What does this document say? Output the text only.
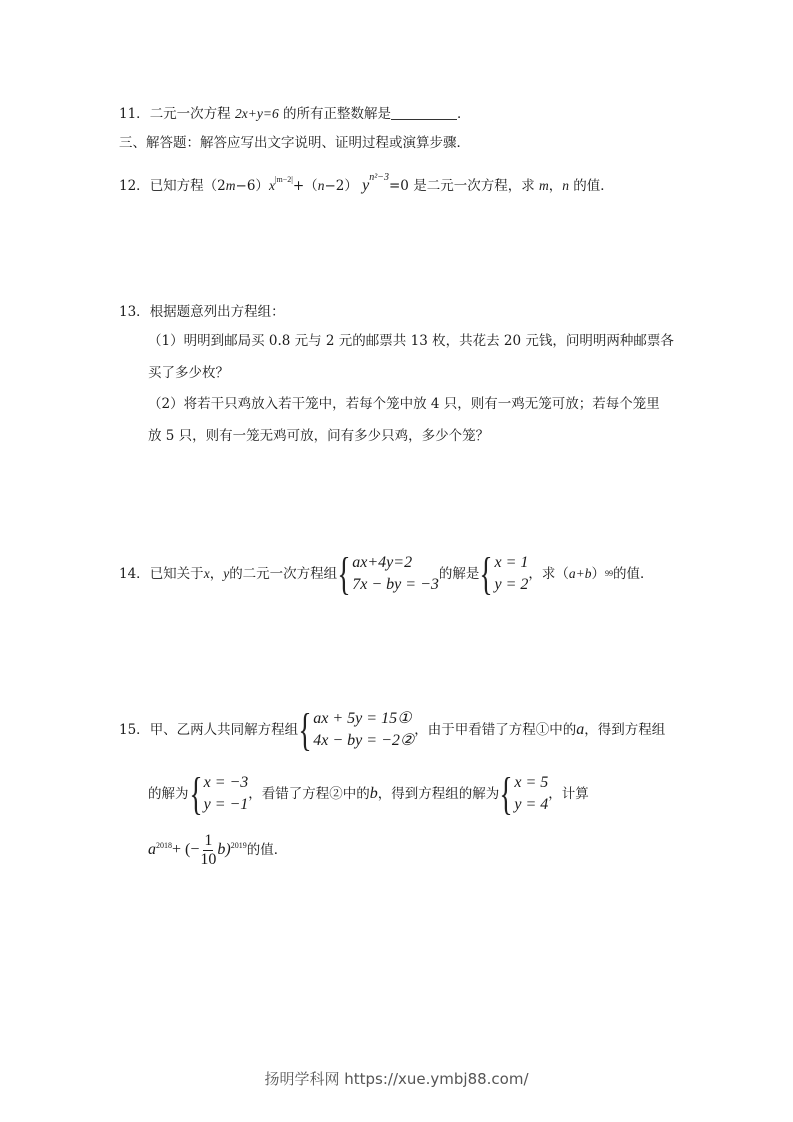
11．二元一次方程 2x+y=6 的所有正整数解是	．
三、解答题：解答应写出文字说明、证明过程或演算步骤．
12．已知方程$(2m-6)x^{|m-2|}+(n-2)$ $y^{n^2-3}=0$ 是二元一次方程，求 m，n 的值．
13．根据题意列出方程组：
（1）明明到邮局买 0.8 元与 2 元的邮票共 13 枚，共花去 20 元钱，问明明两种邮票各
买了多少枚？
（2）将若干只鸡放入若干笼中，若每个笼中放 4 只，则有一鸡无笼可放；若每个笼里
放 5 只，则有一笼无鸡可放，问有多少只鸡，多少个笼？
14． 已知关于 x ， y 的二元一次方程组 { ax+4y=2
7x − by = −3
的解是 { x = 1
y = 2
，求（ a+b ） 99 的值．
15． 甲、乙两人共同解方程组 { ax + 5y = 15①
4x − by = −2②
，由于甲看错了方程①中的 a ，得到方程组
的解为 { x = −3
y = −1
，看错了方程②中的 b ，得到方程组的解为 { x = 5
y = 4
，计算
a 2018 + (− $\frac{1}{10} b$) 2019 的值．
扬明学科网 https://xue.ymbj88.com/
